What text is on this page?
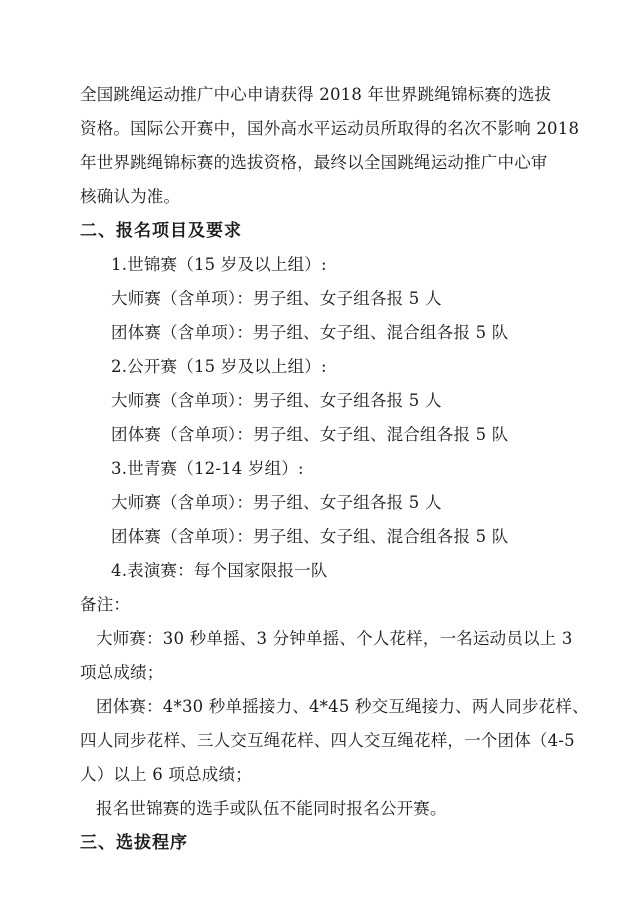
全国跳绳运动推广中心申请获得 2018 年世界跳绳锦标赛的选拔
资格。国际公开赛中，国外高水平运动员所取得的名次不影响 2018
年世界跳绳锦标赛的选拔资格，最终以全国跳绳运动推广中心审
核确认为准。
二、报名项目及要求
1.世锦赛（15 岁及以上组）:
大师赛（含单项）：男子组、女子组各报 5 人
团体赛（含单项）：男子组、女子组、混合组各报 5 队
2.公开赛（15 岁及以上组）:
大师赛（含单项）：男子组、女子组各报 5 人
团体赛（含单项）：男子组、女子组、混合组各报 5 队
3.世青赛（12-14 岁组）:
大师赛（含单项）：男子组、女子组各报 5 人
团体赛（含单项）：男子组、女子组、混合组各报 5 队
4.表演赛：每个国家限报一队
备注：
大师赛：30 秒单摇、3 分钟单摇、个人花样，一名运动员以上 3
项总成绩；
团体赛：4*30 秒单摇接力、4*45 秒交互绳接力、两人同步花样、
四人同步花样、三人交互绳花样、四人交互绳花样，一个团体（4-5
人）以上 6 项总成绩；
报名世锦赛的选手或队伍不能同时报名公开赛。
三、选拔程序
